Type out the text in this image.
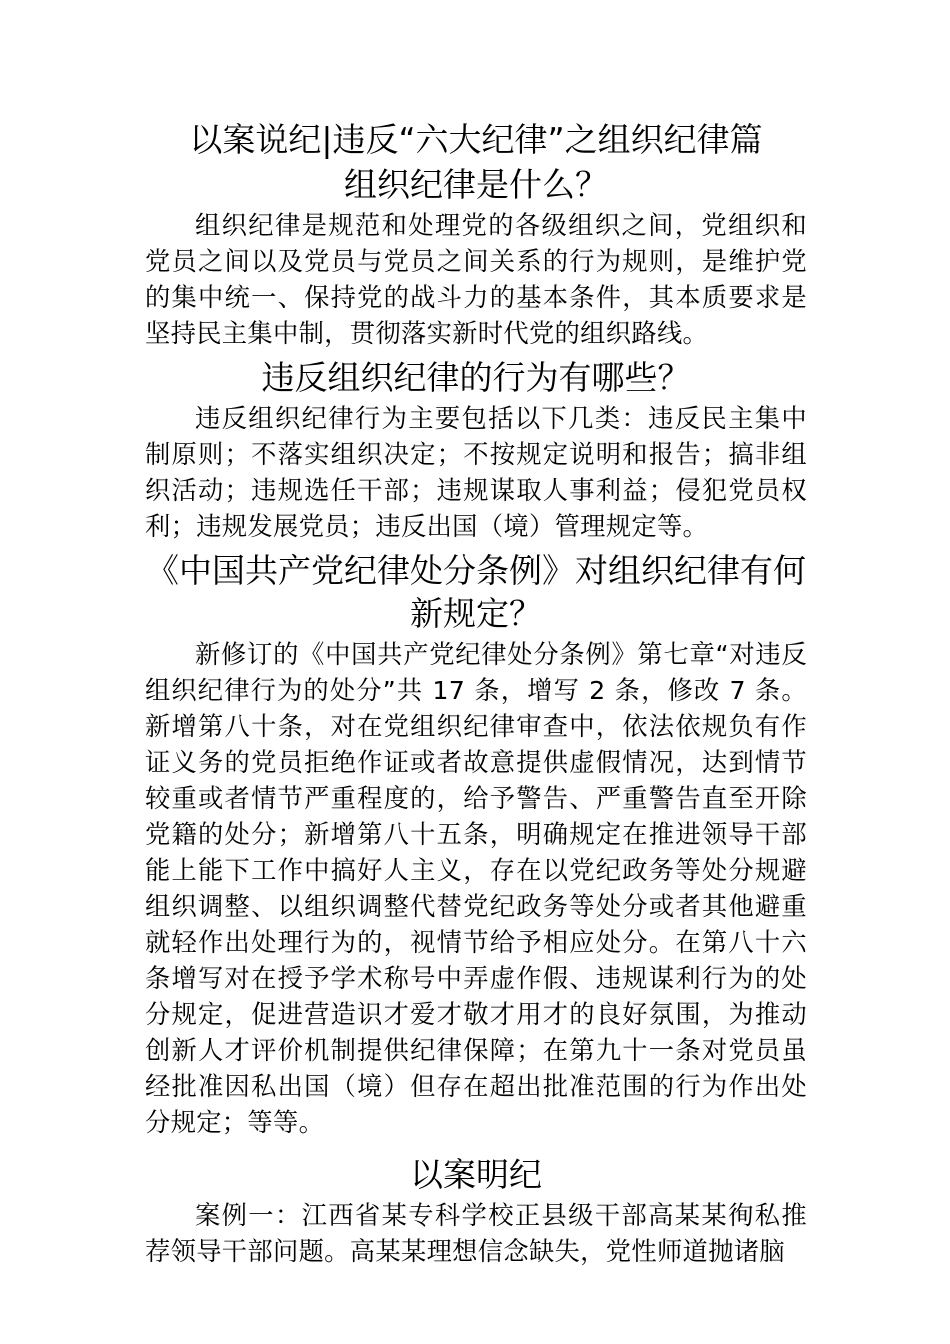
以案说纪|违反“六大纪律”之组织纪律篇
组织纪律是什么？

组织纪律是规范和处理党的各级组织之间，党组织和党员之间以及党员与党员之间关系的行为规则，是维护党的集中统一、保持党的战斗力的基本条件，其本质要求是坚持民主集中制，贯彻落实新时代党的组织路线。

违反组织纪律的行为有哪些？

违反组织纪律行为主要包括以下几类：违反民主集中制原则；不落实组织决定；不按规定说明和报告；搞非组织活动；违规选任干部；违规谋取人事利益；侵犯党员权利；违规发展党员；违反出国（境）管理规定等。

《中国共产党纪律处分条例》对组织纪律有何新规定？

新修订的《中国共产党纪律处分条例》第七章“对违反组织纪律行为的处分”共 17 条，增写 2 条，修改 7 条。新增第八十条，对在党组织纪律审查中，依法依规负有作证义务的党员拒绝作证或者故意提供虚假情况，达到情节较重或者情节严重程度的，给予警告、严重警告直至开除党籍的处分；新增第八十五条，明确规定在推进领导干部能上能下工作中搞好人主义，存在以党纪政务等处分规避组织调整、以组织调整代替党纪政务等处分或者其他避重就轻作出处理行为的，视情节给予相应处分。在第八十六条增写对在授予学术称号中弄虚作假、违规谋利行为的处分规定，促进营造识才爱才敬才用才的良好氛围，为推动创新人才评价机制提供纪律保障；在第九十一条对党员虽经批准因私出国（境）但存在超出批准范围的行为作出处分规定；等等。

以案明纪

案例一：江西省某专科学校正县级干部高某某徇私推荐领导干部问题。高某某理想信念缺失，党性师道抛诸脑
